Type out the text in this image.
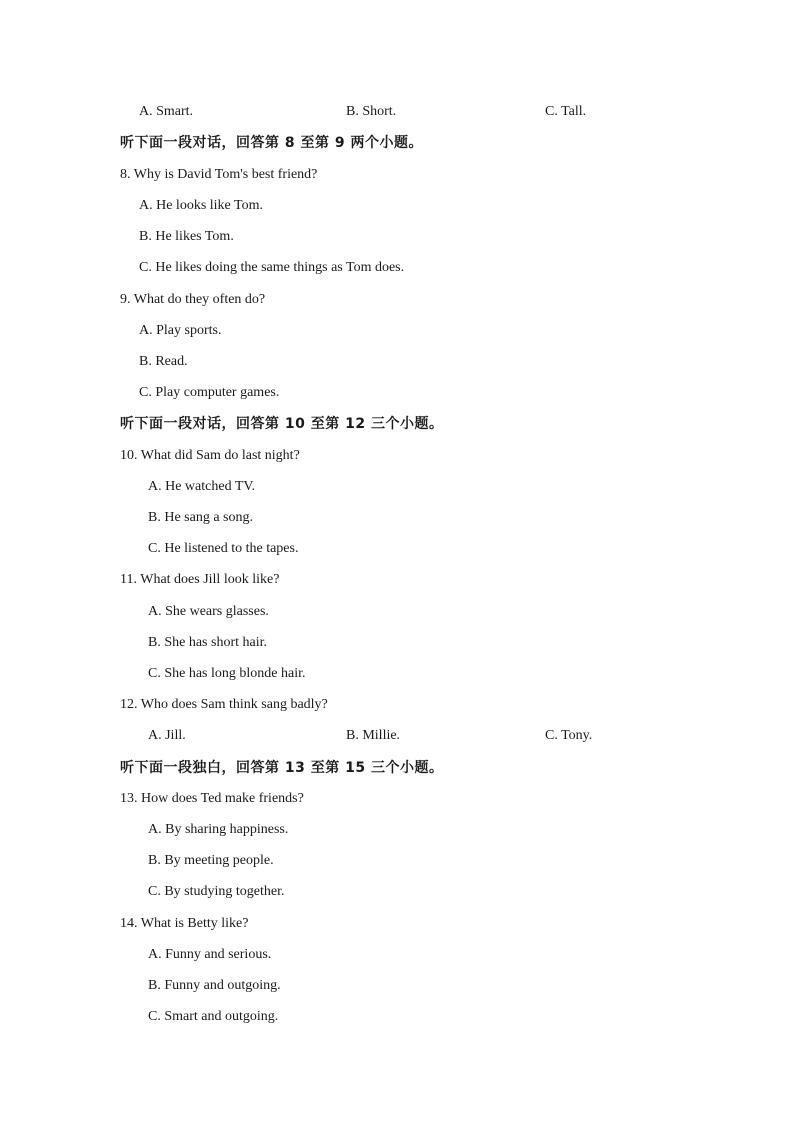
A. Smart.	B. Short.	C. Tall.
听下面一段对话，回答第 8 至第 9 两个小题。
8. Why is David Tom's best friend?
A. He looks like Tom.
B. He likes Tom.
C. He likes doing the same things as Tom does.
9. What do they often do?
A. Play sports.
B. Read.
C. Play computer games.
听下面一段对话，回答第 10 至第 12 三个小题。
10. What did Sam do last night?
A. He watched TV.
B. He sang a song.
C. He listened to the tapes.
11. What does Jill look like?
A. She wears glasses.
B. She has short hair.
C. She has long blonde hair.
12. Who does Sam think sang badly?
A. Jill.	B. Millie.	C. Tony.
听下面一段独白，回答第 13 至第 15 三个小题。
13. How does Ted make friends?
A. By sharing happiness.
B. By meeting people.
C. By studying together.
14. What is Betty like?
A. Funny and serious.
B. Funny and outgoing.
C. Smart and outgoing.
